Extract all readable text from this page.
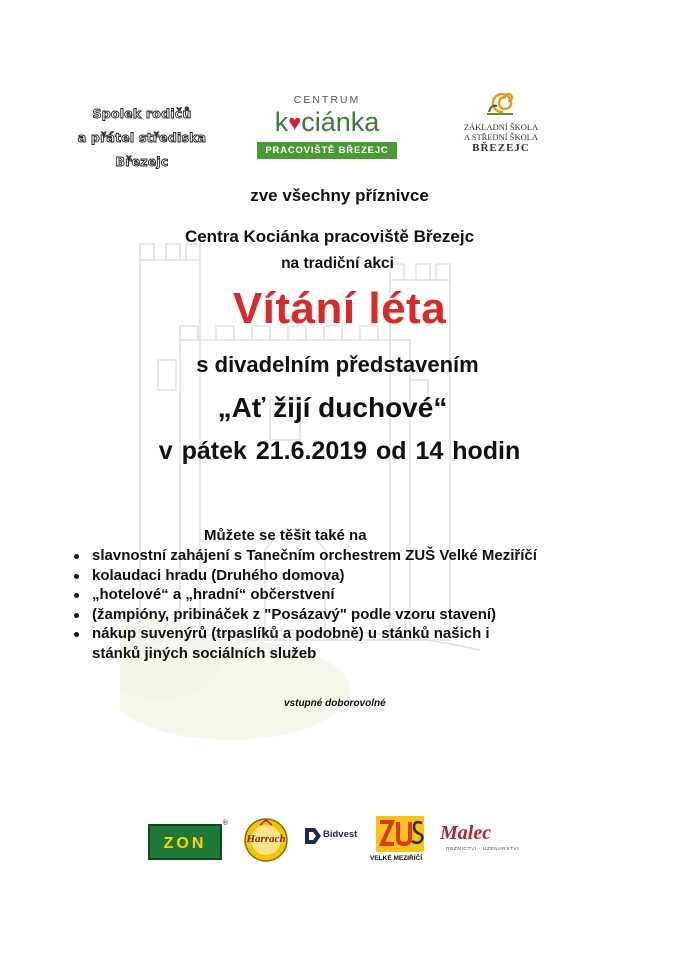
Spolek rodičů
a přátel střediska
Březejc
CENTRUM
k♥ciánka
PRACOVIŠTĚ BŘEZEJC
ZÁKLADNÍ ŠKOLA
A STŘEDNÍ ŠKOLA
BŘEZEJC
zve všechny příznivce
Centra Kociánka pracoviště Březejc
na tradiční akci
Vítání léta
s divadelním představením
„Ať žijí duchové“
v pátek 21.6.2019 od 14 hodin
Můžete se těšit také na
slavnostní zahájení s Tanečním orchestrem ZUŠ Velké Meziříčí
kolaudaci hradu (Druhého domova)
„hotelové“ a „hradní“ občerstvení
(žampióny, pribináček z "Posázavý" podle vzoru stavení)
nákup suvenýrů (trpaslíků a podobně) u stánků našich i
stánků jiných sociálních služeb
vstupné doborovolné
ZON
®
Harrach	Bidvest
VELKÉ MEZIŘÍČÍ
Malec
REZNICTVI · UZENARSTVI
